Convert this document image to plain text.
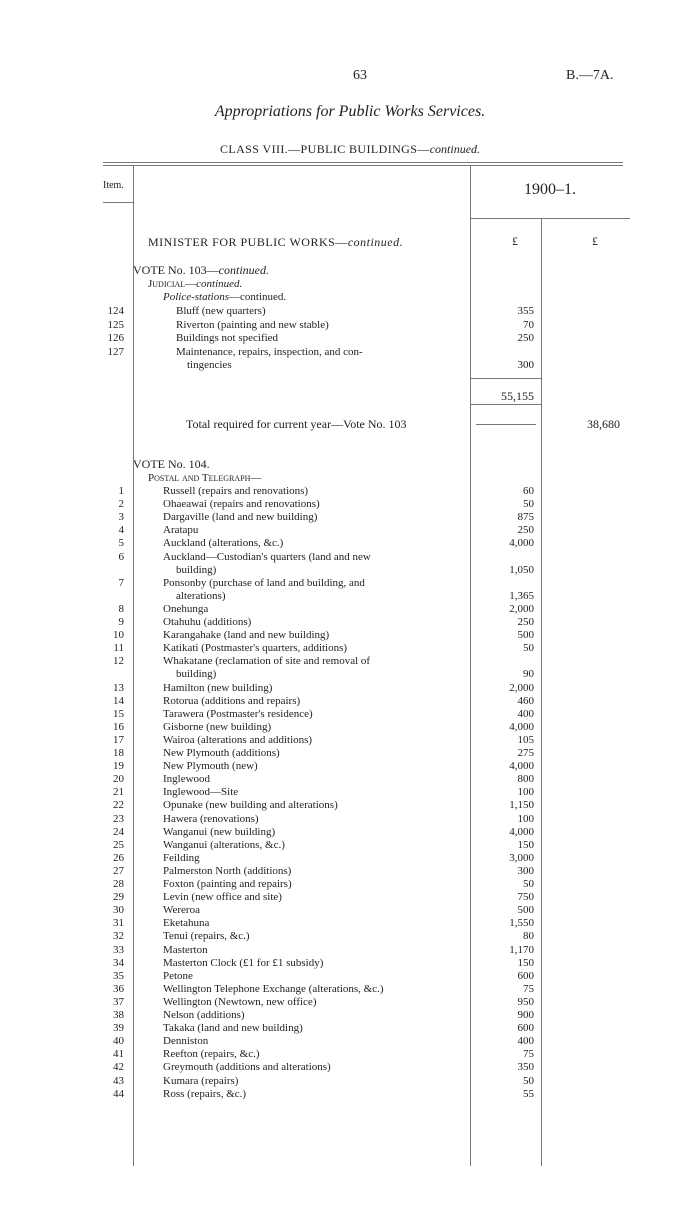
63	B.—7A.
Appropriations for Public Works Services.
CLASS VIII.—PUBLIC BUILDINGS—continued.
Item.	1900–1.
£	£
MINISTER FOR PUBLIC WORKS—continued.
VOTE No. 103—continued.
Judicial—continued.
Police-stations—continued.
124	Bluff (new quarters)	355
125	Riverton (painting and new stable)	70
126	Buildings not specified	250
127	Maintenance, repairs, inspection, and con-
tingencies	300
55,155
Total required for current year—Vote No. 103	38,680
VOTE No. 104.
Postal and Telegraph—
1	Russell (repairs and renovations)	60
2	Ohaeawai (repairs and renovations)	50
3	Dargaville (land and new building)	875
4	Aratapu	250
5	Auckland (alterations, &c.)	4,000
6	Auckland—Custodian's quarters (land and new
building)	1,050
7	Ponsonby (purchase of land and building, and
alterations)	1,365
8	Onehunga	2,000
9	Otahuhu (additions)	250
10	Karangahake (land and new building)	500
11	Katikati (Postmaster's quarters, additions)	50
12	Whakatane (reclamation of site and removal of
building)	90
13	Hamilton (new building)	2,000
14	Rotorua (additions and repairs)	460
15	Tarawera (Postmaster's residence)	400
16	Gisborne (new building)	4,000
17	Wairoa (alterations and additions)	105
18	New Plymouth (additions)	275
19	New Plymouth (new)	4,000
20	Inglewood	800
21	Inglewood—Site	100
22	Opunake (new building and alterations)	1,150
23	Hawera (renovations)	100
24	Wanganui (new building)	4,000
25	Wanganui (alterations, &c.)	150
26	Feilding	3,000
27	Palmerston North (additions)	300
28	Foxton (painting and repairs)	50
29	Levin (new office and site)	750
30	Wereroa	500
31	Eketahuna	1,550
32	Tenui (repairs, &c.)	80
33	Masterton	1,170
34	Masterton Clock (£1 for £1 subsidy)	150
35	Petone	600
36	Wellington Telephone Exchange (alterations, &c.)	75
37	Wellington (Newtown, new office)	950
38	Nelson (additions)	900
39	Takaka (land and new building)	600
40	Denniston	400
41	Reefton (repairs, &c.)	75
42	Greymouth (additions and alterations)	350
43	Kumara (repairs)	50
44	Ross (repairs, &c.)	55
